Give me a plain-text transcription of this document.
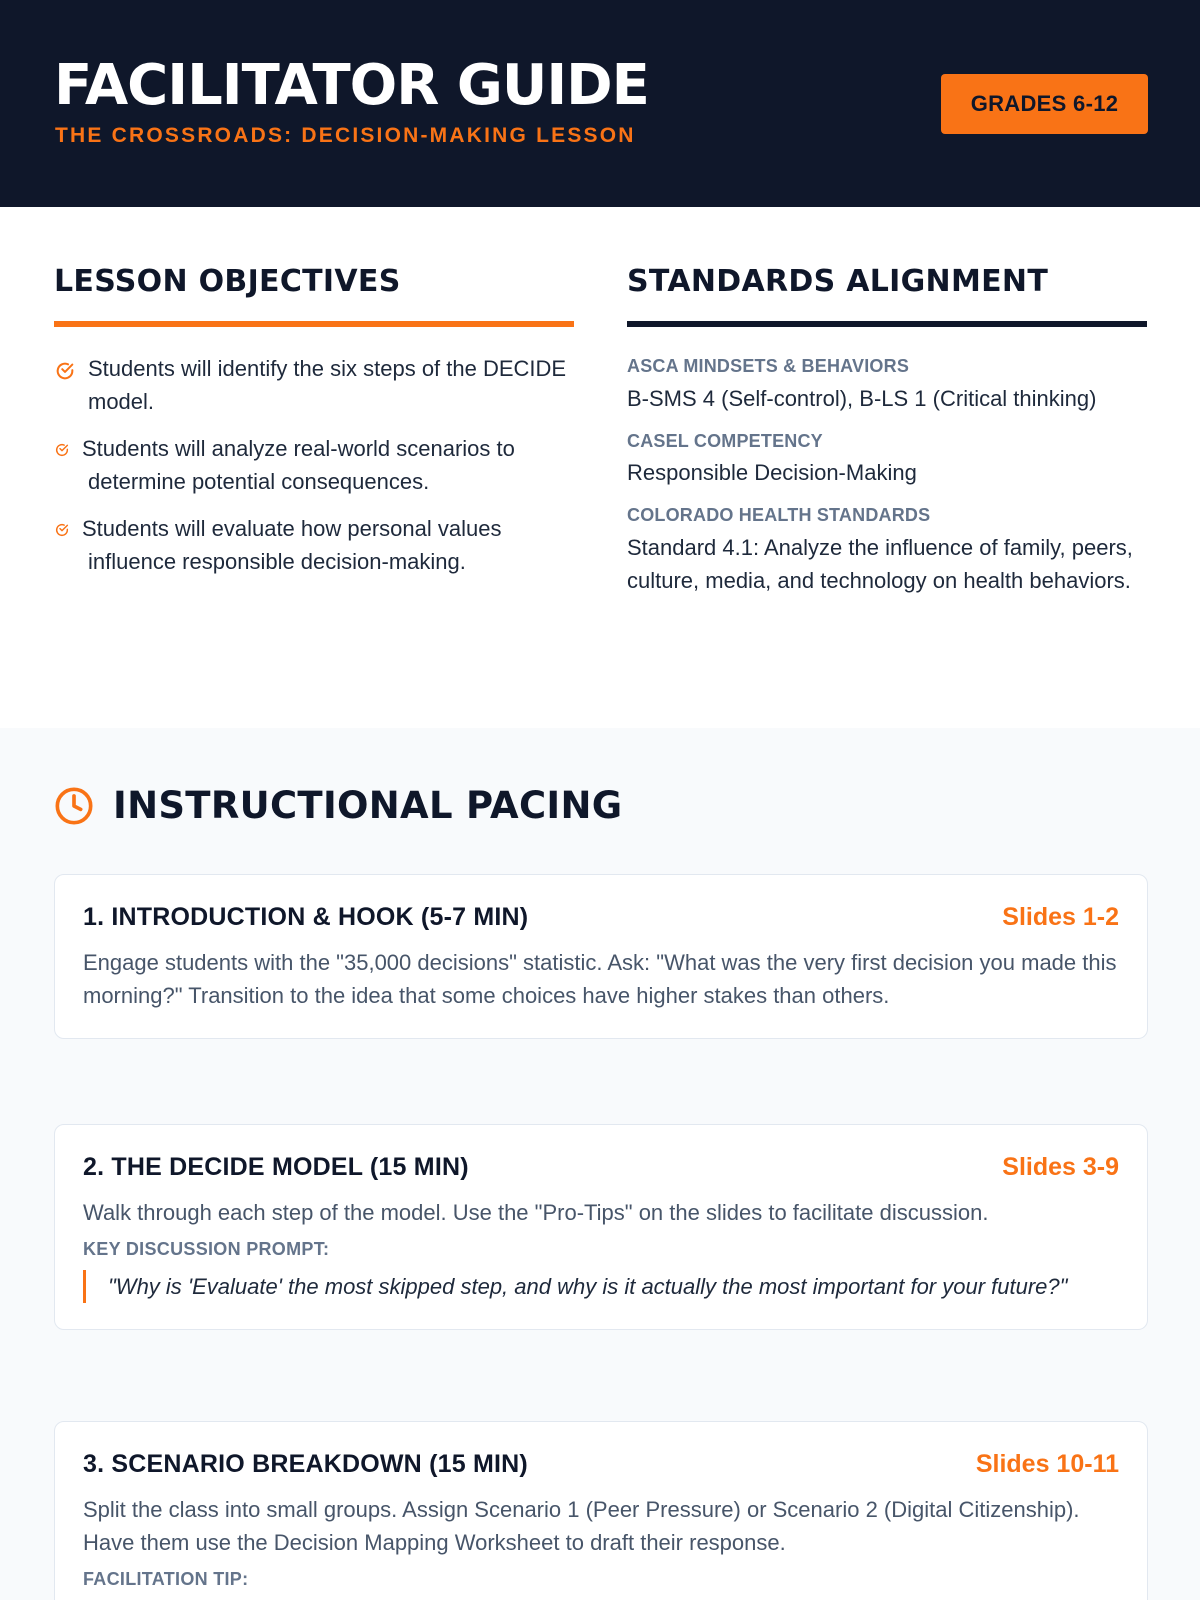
FACILITATOR GUIDE
THE CROSSROADS: DECISION-MAKING LESSON
GRADES 6-12
LESSON OBJECTIVES
Students will identify the six steps of the DECIDE model.
Students will analyze real-world scenarios to determine potential consequences.
Students will evaluate how personal values influence responsible decision-making.
STANDARDS ALIGNMENT
ASCA MINDSETS & BEHAVIORS
B-SMS 4 (Self-control), B-LS 1 (Critical thinking)
CASEL COMPETENCY
Responsible Decision-Making
COLORADO HEALTH STANDARDS
Standard 4.1: Analyze the influence of family, peers, culture, media, and technology on health behaviors.
INSTRUCTIONAL PACING
1. INTRODUCTION & HOOK (5-7 MIN)	Slides 1-2
Engage students with the "35,000 decisions" statistic. Ask: "What was the very first decision you made this morning?" Transition to the idea that some choices have higher stakes than others.
2. THE DECIDE MODEL (15 MIN)	Slides 3-9
Walk through each step of the model. Use the "Pro-Tips" on the slides to facilitate discussion.
KEY DISCUSSION PROMPT:
"Why is 'Evaluate' the most skipped step, and why is it actually the most important for your future?"
3. SCENARIO BREAKDOWN (15 MIN)	Slides 10-11
Split the class into small groups. Assign Scenario 1 (Peer Pressure) or Scenario 2 (Digital Citizenship). Have them use the Decision Mapping Worksheet to draft their response.
FACILITATION TIP:
